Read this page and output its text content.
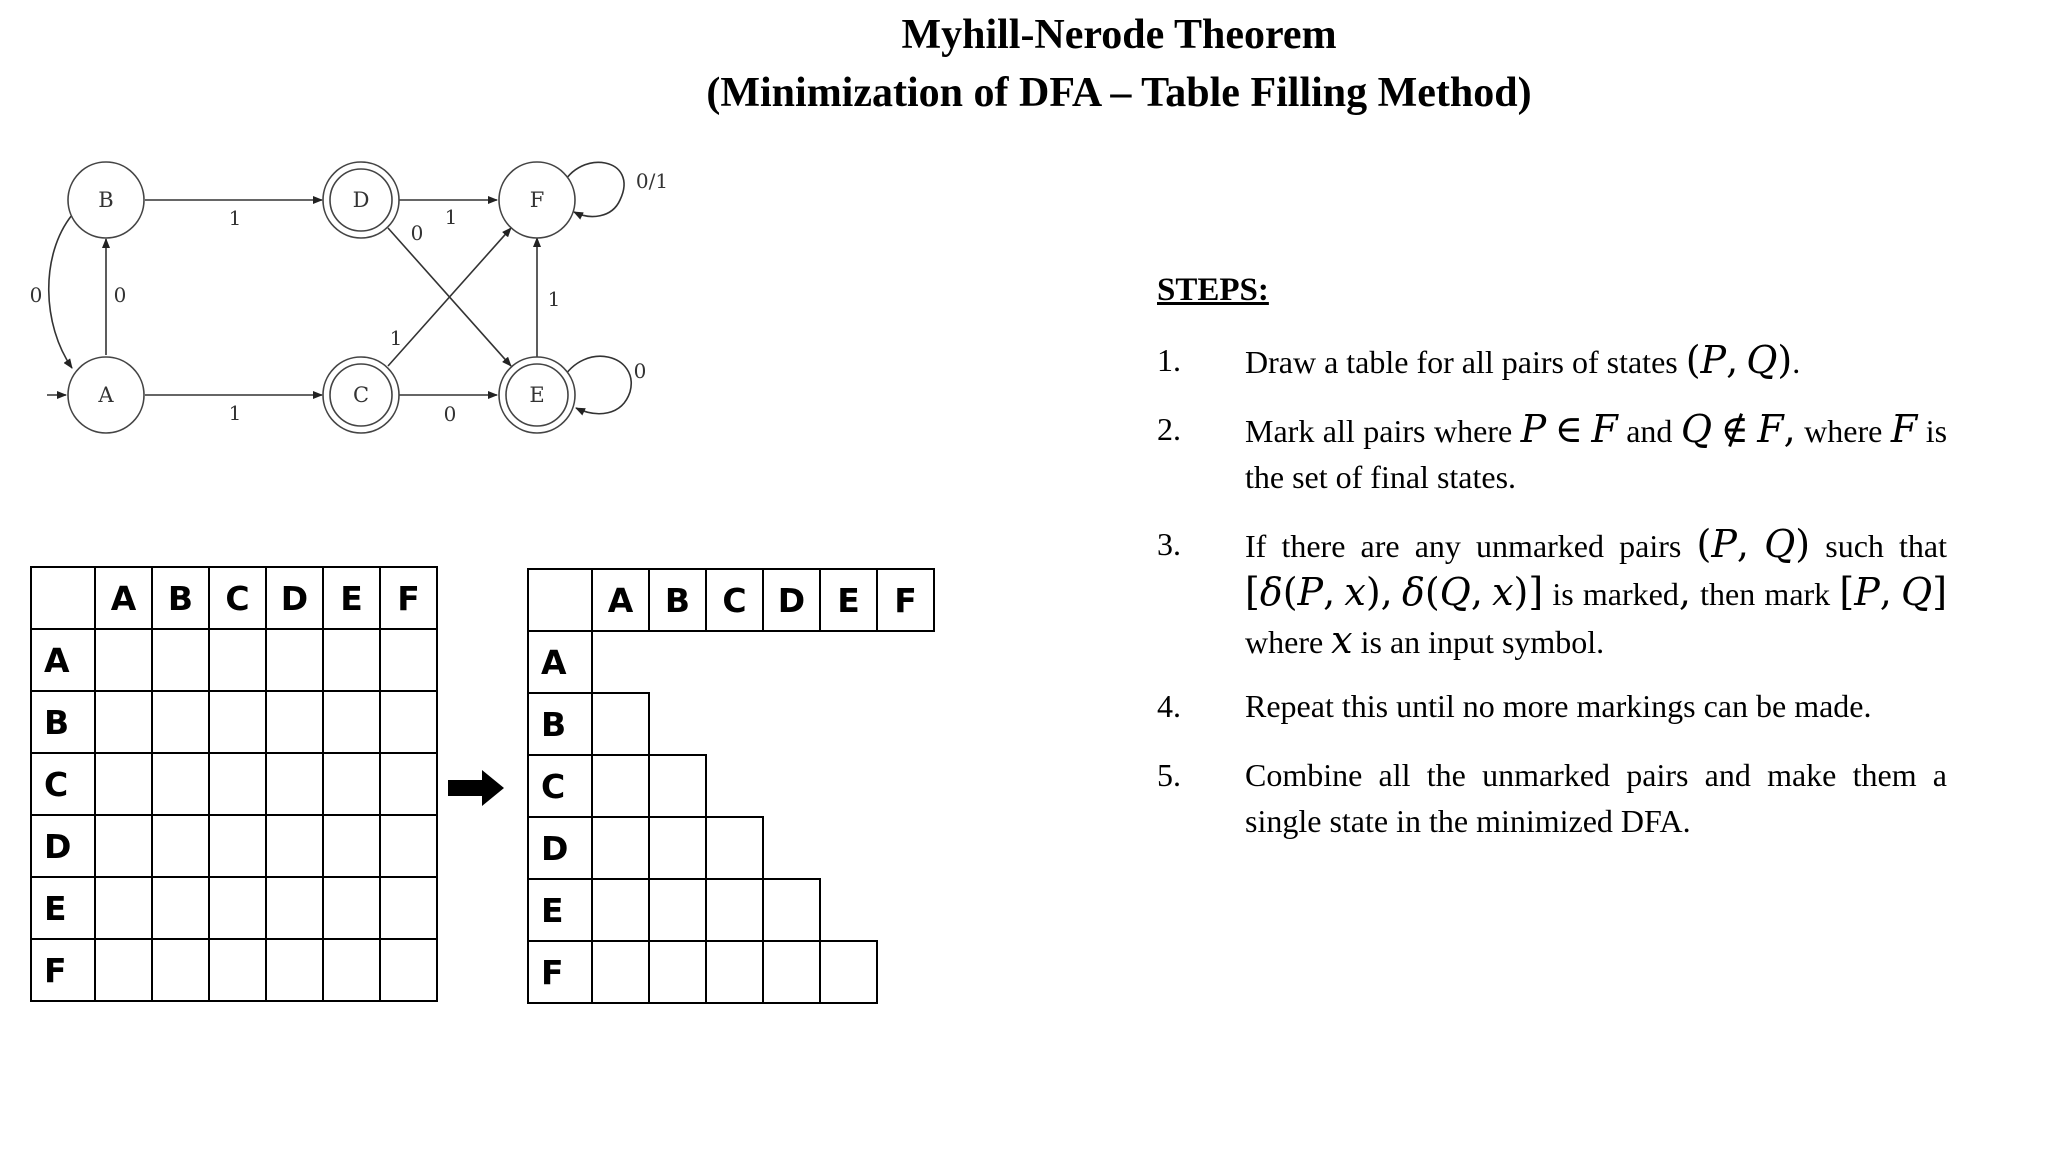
Myhill-Nerode Theorem
(Minimization of DFA – Table Filling Method)
B
A
D
C
F
E
0	0
1
1
1
0
1
0
1
0/1
0
	A	B	C	D	E	F
A						
B						
C						
D						
E						
F						
	A	B	C	D	E	F
A						
B						
C						
D						
E						
F						
STEPS:
1. Draw a table for all pairs of states (P, Q).
2. Mark all pairs where P ∈ F and Q ∉ F, where F is the set of final states.
3. If there are any unmarked pairs (P, Q) such that [δ(P, x), δ(Q, x)] is marked, then mark [P, Q] where x is an input symbol.
4. Repeat this until no more markings can be made.
5. Combine all the unmarked pairs and make them a single state in the minimized DFA.
